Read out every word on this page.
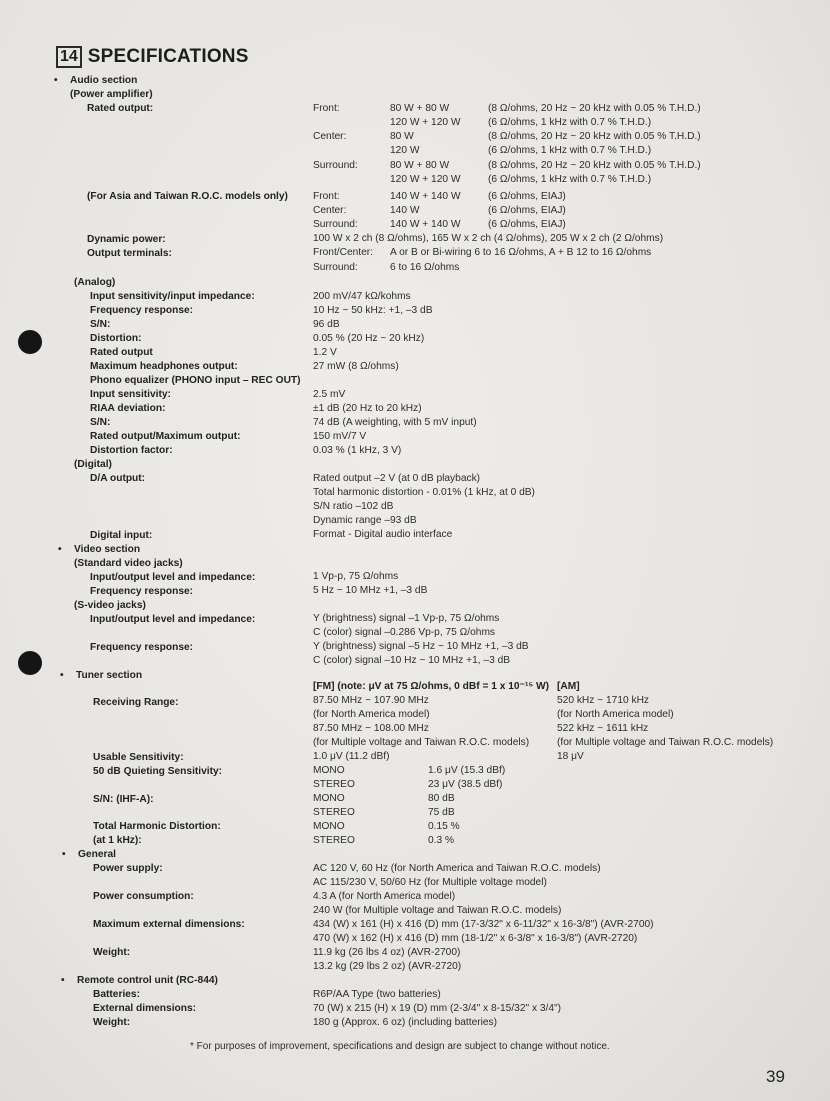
14 SPECIFICATIONS
• Audio section
(Power amplifier)
Rated output:	Front:	80 W + 80 W	(8 Ω/ohms, 20 Hz ~ 20 kHz with 0.05 % T.H.D.)
120 W + 120 W	(6 Ω/ohms, 1 kHz with 0.7 % T.H.D.)
Center:	80 W	(8 Ω/ohms, 20 Hz ~ 20 kHz with 0.05 % T.H.D.)
120 W	(6 Ω/ohms, 1 kHz with 0.7 % T.H.D.)
Surround:	80 W + 80 W	(8 Ω/ohms, 20 Hz ~ 20 kHz with 0.05 % T.H.D.)
120 W + 120 W	(6 Ω/ohms, 1 kHz with 0.7 % T.H.D.)
(For Asia and Taiwan R.O.C. models only) Front:	140 W + 140 W	(6 Ω/ohms, EIAJ)
Center:	140 W	(6 Ω/ohms, EIAJ)
Surround:	140 W + 140 W	(6 Ω/ohms, EIAJ)
Dynamic power:	100 W x 2 ch (8 Ω/ohms), 165 W x 2 ch (4 Ω/ohms), 205 W x 2 ch (2 Ω/ohms)
Output terminals:	Front/Center: A or B or Bi-wiring 6 to 16 Ω/ohms, A + B 12 to 16 Ω/ohms
Surround:	6 to 16 Ω/ohms
(Analog)
Input sensitivity/input impedance:	200 mV/47 kΩ/kohms
Frequency response:	10 Hz ~ 50 kHz: +1, –3 dB
S/N:	96 dB
Distortion:	0.05 % (20 Hz ~ 20 kHz)
Rated output	1.2 V
Maximum headphones output:	27 mW (8 Ω/ohms)
Phono equalizer (PHONO input – REC OUT)
Input sensitivity:	2.5 mV
RIAA deviation:	±1 dB (20 Hz to 20 kHz)
S/N:	74 dB (A weighting, with 5 mV input)
Rated output/Maximum output:	150 mV/7 V
Distortion factor:	0.03 % (1 kHz, 3 V)
(Digital)
D/A output:	Rated output –2 V (at 0 dB playback)
Total harmonic distortion - 0.01% (1 kHz, at 0 dB)
S/N ratio –102 dB
Dynamic range –93 dB
Digital input:	Format - Digital audio interface
• Video section
(Standard video jacks)
Input/output level and impedance:	1 Vp-p, 75 Ω/ohms
Frequency response:	5 Hz ~ 10 MHz +1, –3 dB
(S-video jacks)
Input/output level and impedance:	Y (brightness) signal –1 Vp-p, 75 Ω/ohms
C (color) signal –0.286 Vp-p, 75 Ω/ohms
Frequency response:	Y (brightness) signal –5 Hz ~ 10 MHz +1, –3 dB
C (color) signal –10 Hz ~ 10 MHz +1, –3 dB
• Tuner section
[FM] (note: μV at 75 Ω/ohms, 0 dBf = 1 x 10⁻¹⁵ W) [AM]
Receiving Range:	87.50 MHz ~ 107.90 MHz	520 kHz ~ 1710 kHz
(for North America model)	(for North America model)
87.50 MHz ~ 108.00 MHz	522 kHz ~ 1611 kHz
(for Multiple voltage and Taiwan R.O.C. models)	(for Multiple voltage and Taiwan R.O.C. models)
Usable Sensitivity:	1.0 μV (11.2 dBf)	18 μV
50 dB Quieting Sensitivity:	MONO	1.6 μV (15.3 dBf)
STEREO	23 μV (38.5 dBf)
S/N: (IHF-A):	MONO	80 dB
STEREO	75 dB
Total Harmonic Distortion:	MONO	0.15 %
(at 1 kHz):	STEREO	0.3 %
• General
Power supply:	AC 120 V, 60 Hz (for North America and Taiwan R.O.C. models)
AC 115/230 V, 50/60 Hz (for Multiple voltage model)
Power consumption:	4.3 A (for North America model)
240 W (for Multiple voltage and Taiwan R.O.C. models)
Maximum external dimensions:	434 (W) x 161 (H) x 416 (D) mm (17-3/32" x 6-11/32" x 16-3/8") (AVR-2700)
470 (W) x 162 (H) x 416 (D) mm (18-1/2" x 6-3/8" x 16-3/8") (AVR-2720)
Weight:	11.9 kg (26 lbs 4 oz) (AVR-2700)
13.2 kg (29 lbs 2 oz) (AVR-2720)
• Remote control unit (RC-844)
Batteries:	R6P/AA Type (two batteries)
External dimensions:	70 (W) x 215 (H) x 19 (D) mm (2-3/4" x 8-15/32" x 3/4")
Weight:	180 g (Approx. 6 oz) (including batteries)
* For purposes of improvement, specifications and design are subject to change without notice.
39
